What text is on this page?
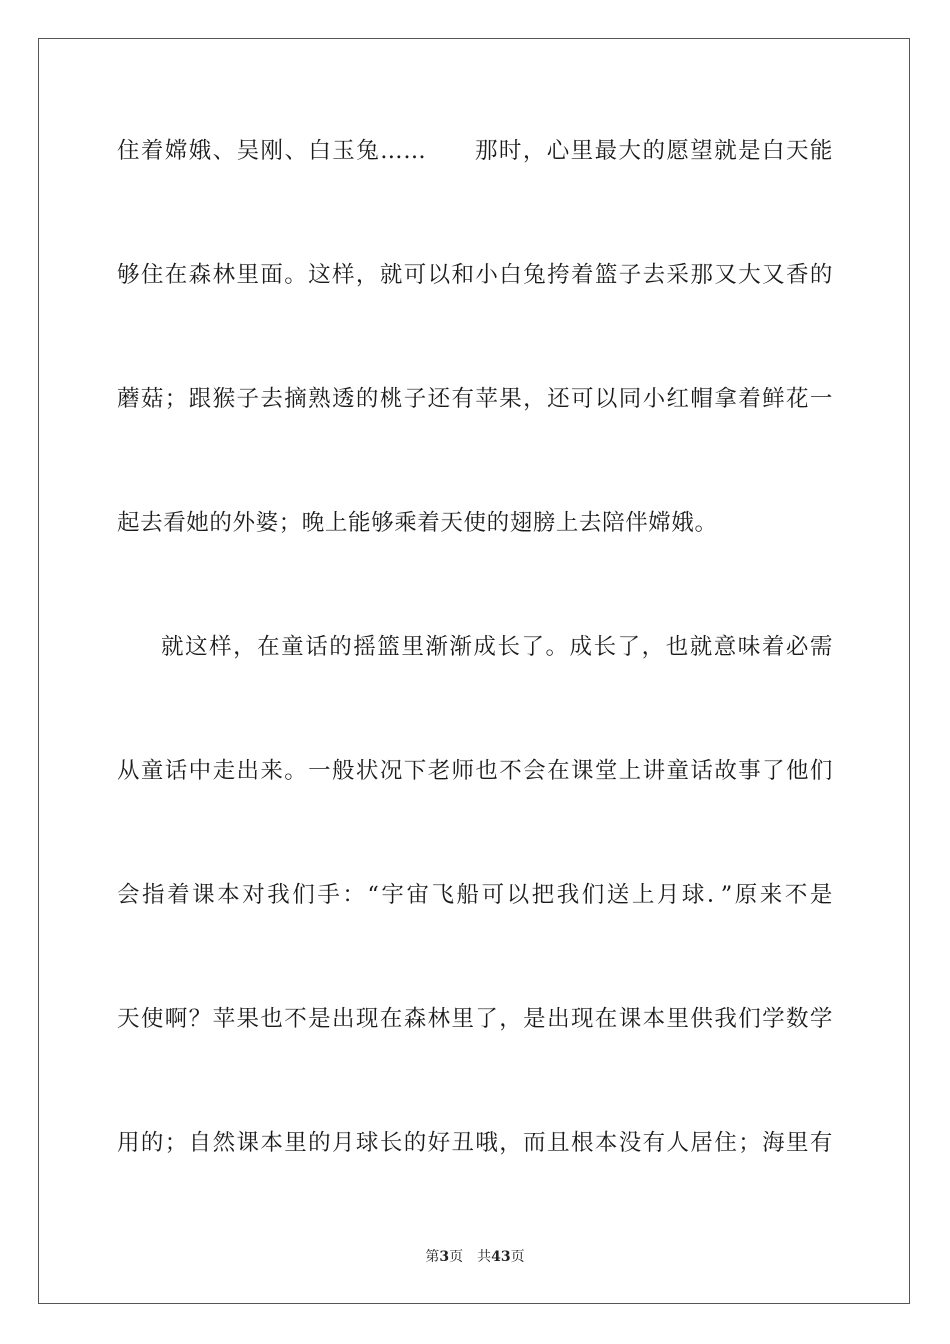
住着嫦娥、吴刚、白玉兔……　　那时，心里最大的愿望就是白天能
够住在森林里面。这样，就可以和小白兔挎着篮子去采那又大又香的
蘑菇；跟猴子去摘熟透的桃子还有苹果，还可以同小红帽拿着鲜花一
起去看她的外婆；晚上能够乘着天使的翅膀上去陪伴嫦娥。
就这样，在童话的摇篮里渐渐成长了。成长了，也就意味着必需
从童话中走出来。一般状况下老师也不会在课堂上讲童话故事了他们
会指着课本对我们手：“宇宙飞船可以把我们送上月球．”原来不是
天使啊？苹果也不是出现在森林里了，是出现在课本里供我们学数学
用的；自然课本里的月球长的好丑哦，而且根本没有人居住；海里有
第3页 共43页
